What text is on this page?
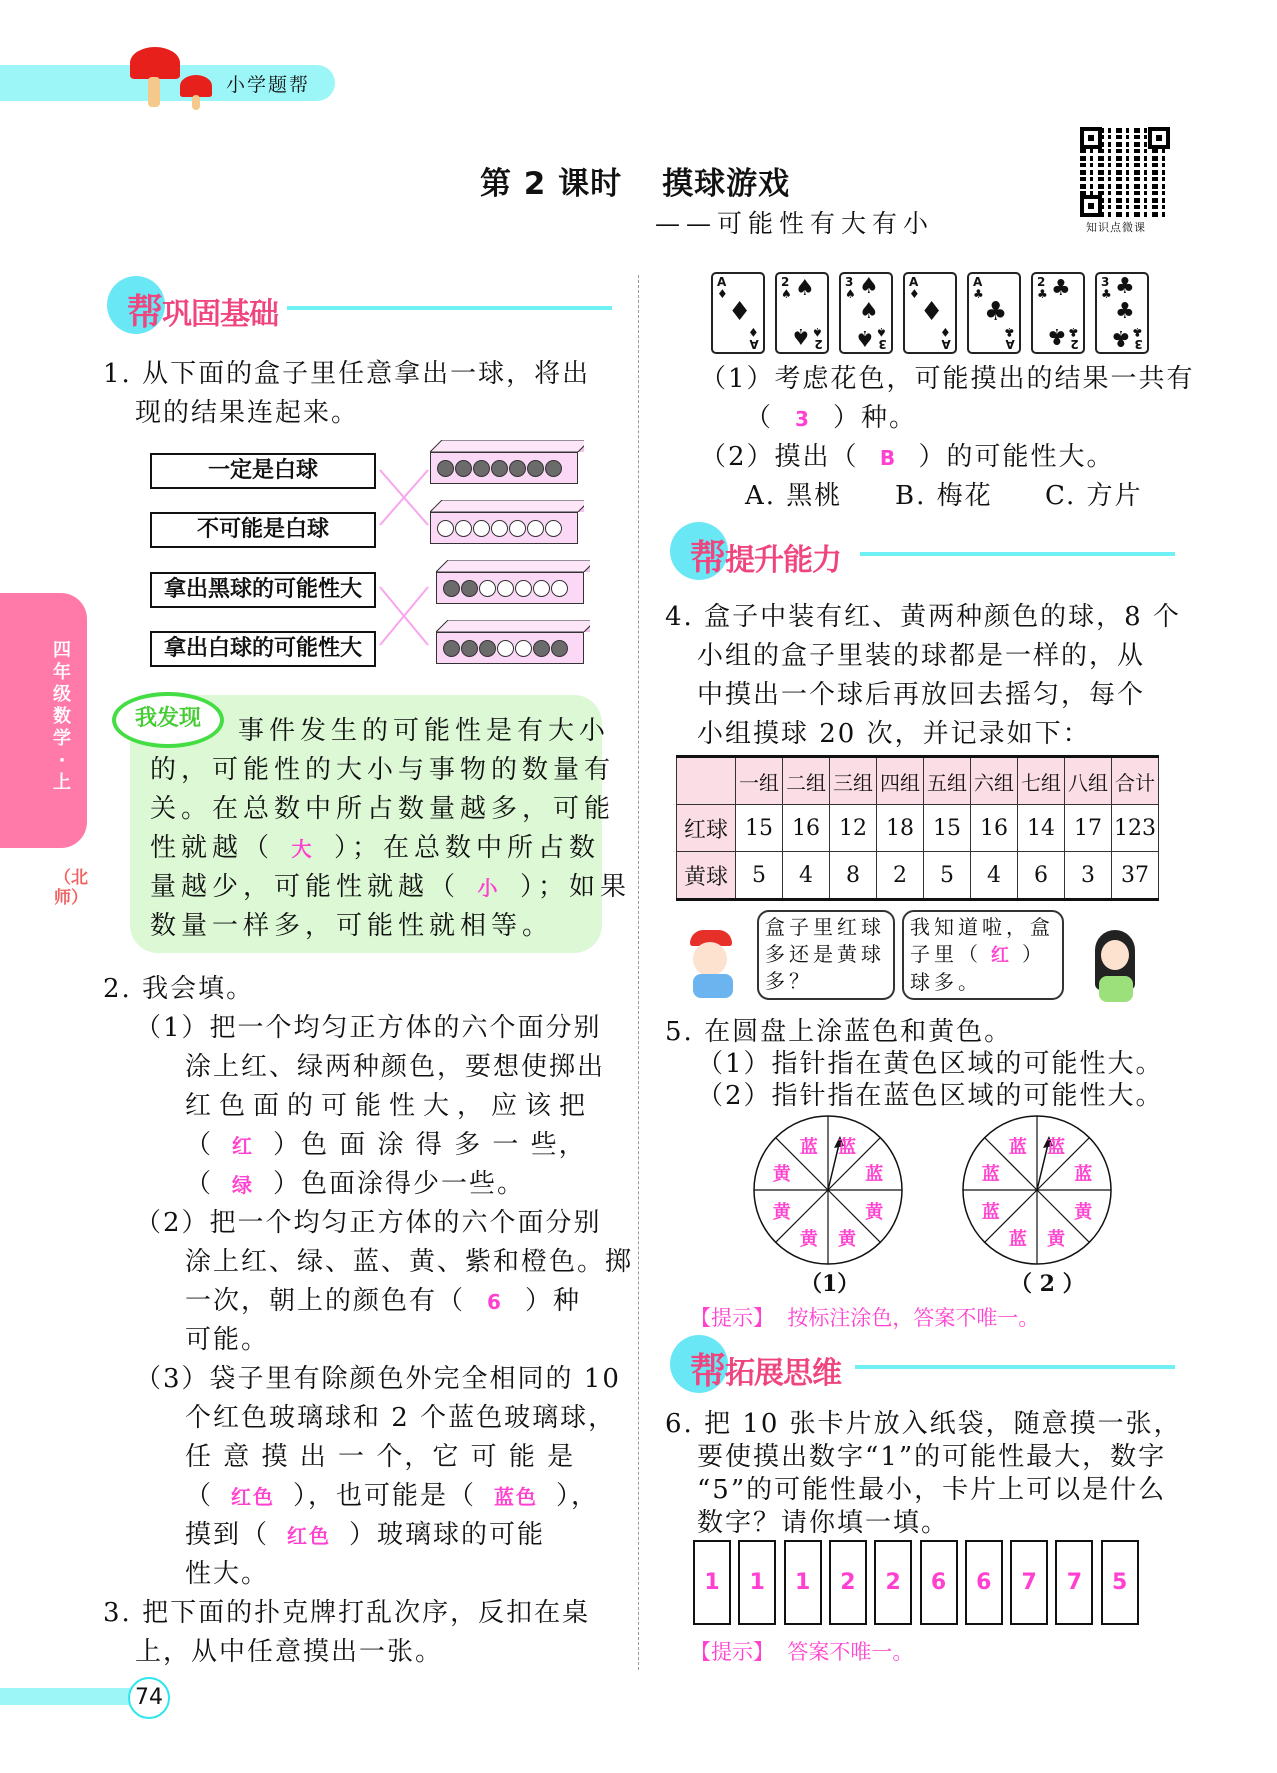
小学题帮
第 2 课时 摸球游戏
——可能性有大有小	知识点微课
四年级数学·上
（北师）
帮巩固基础
1. 从下面的盒子里任意拿出一球，将出
现的结果连起来。
一定是白球
不可能是白球
拿出黑球的可能性大
拿出白球的可能性大
我发现	事件发生的可能性是有大小
的，可能性的大小与事物的数量有
关。在总数中所占数量越多，可能
性就越（ 大 ）；在总数中所占数
量越少，可能性就越（ 小 ）；如果
数量一样多，可能性就相等。
2. 我会填。
（1）把一个均匀正方体的六个面分别
涂上红、绿两种颜色，要想使掷出
红色面的可能性大，应该把
（ 红 ）色 面 涂 得 多 一 些，
（ 绿 ）色面涂得少一些。
（2）把一个均匀正方体的六个面分别
涂上红、绿、蓝、黄、紫和橙色。掷
一次，朝上的颜色有（ 6 ）种
可能。
（3）袋子里有除颜色外完全相同的 10
个红色玻璃球和 2 个蓝色玻璃球，
任 意 摸 出 一 个，它 可 能 是
（ 红色 ），也可能是（ 蓝色 ），
摸到（ 红色 ）玻璃球的可能
性大。
3. 把下面的扑克牌打乱次序，反扣在桌
上，从中任意摸出一张。
74
（1）考虑花色，可能摸出的结果一共有
（ 3 ）种。
（2）摸出（ B ）的可能性大。
A. 黑桃 B. 梅花 C. 方片
帮提升能力
4. 盒子中装有红、黄两种颜色的球，8 个
小组的盒子里装的球都是一样的，从
中摸出一个球后再放回去摇匀，每个
小组摸球 20 次，并记录如下：
	一组	二组	三组	四组	五组	六组	七组	八组	合计
红球	15	16	12	18	15	16	14	17	123
黄球	5	4	8	2	5	4	6	3	37
盒子里红球
多还是黄球
多？
我知道啦，盒
子里（ 红 ）
球多。
5. 在圆盘上涂蓝色和黄色。
（1）指针指在黄色区域的可能性大。
（2）指针指在蓝色区域的可能性大。
蓝 蓝
蓝
黄
黄
黄
黄
黄
（1）
蓝 蓝
蓝
黄
黄
蓝
蓝
蓝
（ 2 ）
【提示】 按标注涂色，答案不唯一。
帮拓展思维
6. 把 10 张卡片放入纸袋，随意摸一张，
要使摸出数字“1”的可能性最大，数字
“5”的可能性最小，卡片上可以是什么
数字？请你填一填。
【提示】 答案不唯一。
A
♦
♦
A
♦
2
♠ ♠
♠ 2
♠
3
♠ ♠
♠
♠ 3
♠
A
♦
♦
A
♦
A
♣
♣
A
♣
2
♣ ♣
♣ 2
♣
3
♣ ♣
♣
♣ 3
♣
1	1	1	2	2	6	6	7	7	5
